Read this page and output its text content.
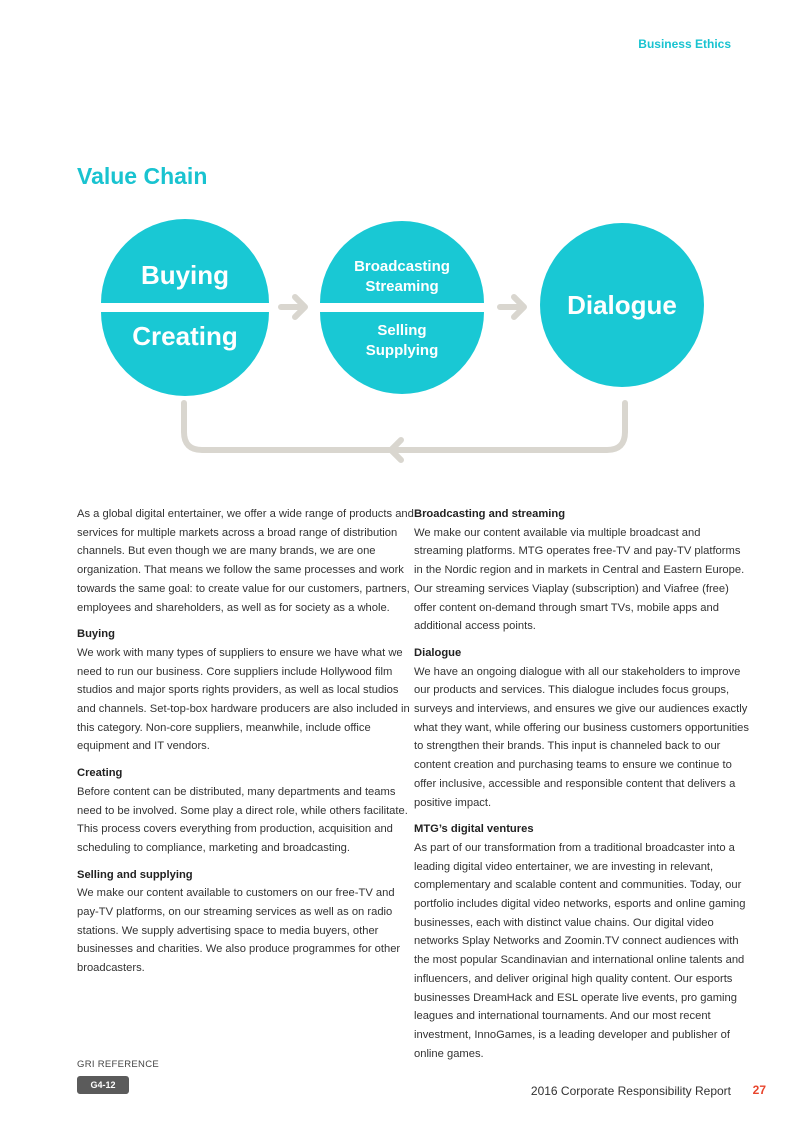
Business Ethics
Value Chain
Buying
Creating
Broadcasting
Streaming
Selling
Supplying
Dialogue

As a global digital entertainer, we offer a wide range of products and services for multiple markets across a broad range of distribution channels. But even though we are many brands, we are one organization. That means we follow the same processes and work towards the same goal: to create value for our customers, partners, employees and shareholders, as well as for society as a whole.

Buying

We work with many types of suppliers to ensure we have what we need to run our business. Core suppliers include Hollywood film studios and major sports rights providers, as well as local studios and channels. Set-top-box hardware producers are also included in this category. Non-core suppliers, meanwhile, include office equipment and IT vendors.

Creating

Before content can be distributed, many departments and teams need to be involved. Some play a direct role, while others facilitate. This process covers everything from production, acquisition and scheduling to compliance, marketing and broadcasting.

Selling and supplying

We make our content available to customers on our free-TV and pay-TV platforms, on our streaming services as well as on radio stations. We supply advertising space to media buyers, other businesses and charities. We also produce programmes for other broadcasters.

Broadcasting and streaming

We make our content available via multiple broadcast and streaming platforms. MTG operates free-TV and pay-TV platforms in the Nordic region and in markets in Central and Eastern Europe. Our streaming services Viaplay (subscription) and Viafree (free) offer content on-demand through smart TVs, mobile apps and additional access points.

Dialogue

We have an ongoing dialogue with all our stakeholders to improve our products and services. This dialogue includes focus groups, surveys and interviews, and ensures we give our audiences exactly what they want, while offering our business customers opportunities to strengthen their brands. This input is channeled back to our content creation and purchasing teams to ensure we continue to offer inclusive, accessible and responsible content that delivers a positive impact.

MTG’s digital ventures

As part of our transformation from a traditional broadcaster into a leading digital video entertainer, we are investing in relevant, complementary and scalable content and communities. Today, our portfolio includes digital video networks, esports and online gaming businesses, each with distinct value chains. Our digital video networks Splay Networks and Zoomin.TV connect audiences with the most popular Scandinavian and international online talents and influencers, and deliver original high quality content. Our esports businesses DreamHack and ESL operate live events, pro gaming leagues and international tournaments. And our most recent investment, InnoGames, is a leading developer and publisher of online games.

GRI REFERENCE
G4-12	2016 Corporate Responsibility Report 27
